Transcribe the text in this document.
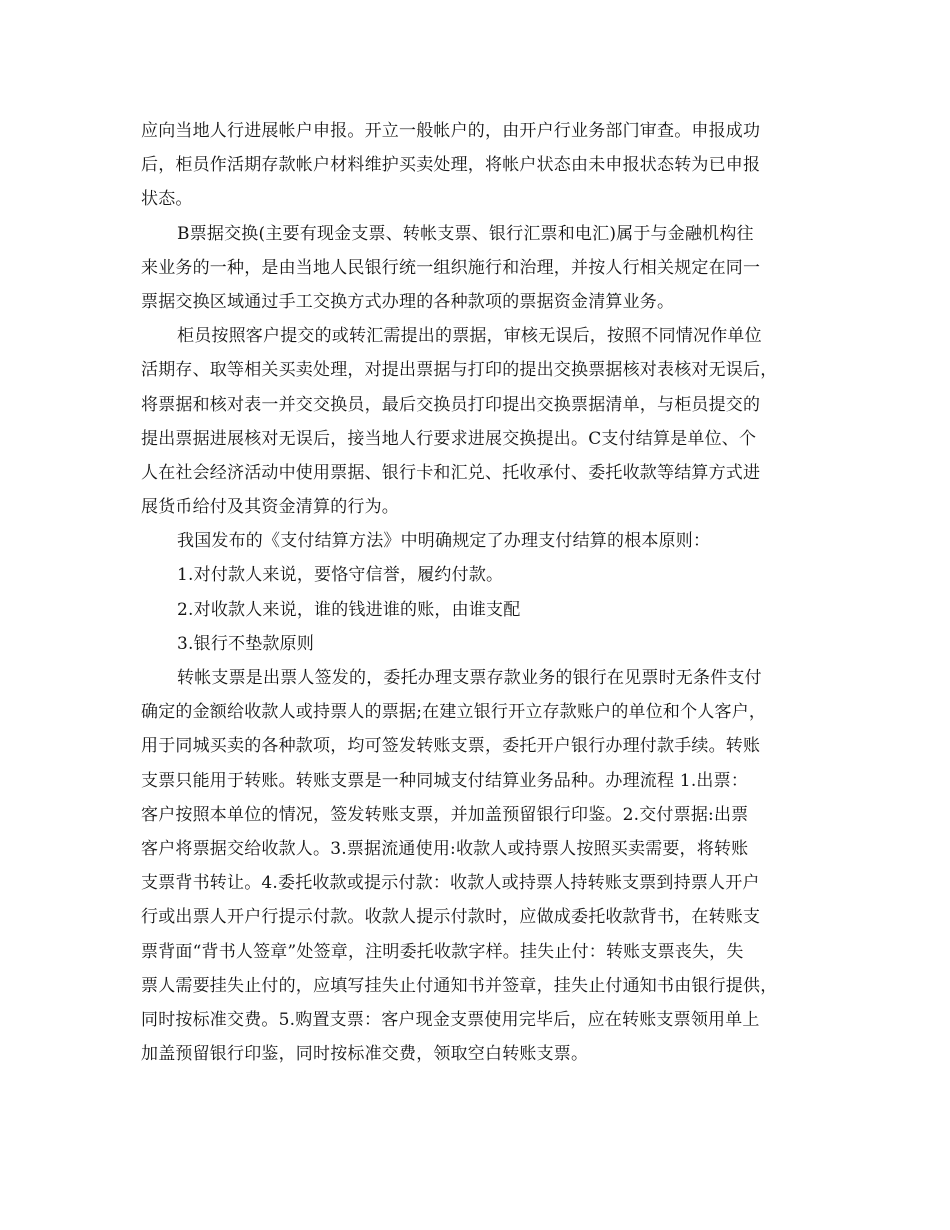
应向当地人行进展帐户申报。开立一般帐户的，由开户行业务部门审查。申报成功
后，柜员作活期存款帐户材料维护买卖处理，将帐户状态由未申报状态转为已申报
状态。
B票据交换(主要有现金支票、转帐支票、银行汇票和电汇)属于与金融机构往
来业务的一种，是由当地人民银行统一组织施行和治理，并按人行相关规定在同一
票据交换区域通过手工交换方式办理的各种款项的票据资金清算业务。
柜员按照客户提交的或转汇需提出的票据，审核无误后，按照不同情况作单位
活期存、取等相关买卖处理，对提出票据与打印的提出交换票据核对表核对无误后，
将票据和核对表一并交交换员，最后交换员打印提出交换票据清单，与柜员提交的
提出票据进展核对无误后，接当地人行要求进展交换提出。C支付结算是单位、个
人在社会经济活动中使用票据、银行卡和汇兑、托收承付、委托收款等结算方式进
展货币给付及其资金清算的行为。
我国发布的《支付结算方法》中明确规定了办理支付结算的根本原则：
1.对付款人来说，要恪守信誉，履约付款。
2.对收款人来说，谁的钱进谁的账，由谁支配
3.银行不垫款原则
转帐支票是出票人签发的，委托办理支票存款业务的银行在见票时无条件支付
确定的金额给收款人或持票人的票据;在建立银行开立存款账户的单位和个人客户，
用于同城买卖的各种款项，均可签发转账支票，委托开户银行办理付款手续。转账
支票只能用于转账。转账支票是一种同城支付结算业务品种。办理流程 1.出票：
客户按照本单位的情况，签发转账支票，并加盖预留银行印鉴。2.交付票据:出票
客户将票据交给收款人。3.票据流通使用:收款人或持票人按照买卖需要，将转账
支票背书转让。4.委托收款或提示付款：收款人或持票人持转账支票到持票人开户
行或出票人开户行提示付款。收款人提示付款时，应做成委托收款背书，在转账支
票背面“背书人签章”处签章，注明委托收款字样。挂失止付：转账支票丧失，失
票人需要挂失止付的，应填写挂失止付通知书并签章，挂失止付通知书由银行提供，
同时按标准交费。5.购置支票：客户现金支票使用完毕后，应在转账支票领用单上
加盖预留银行印鉴，同时按标准交费，领取空白转账支票。
